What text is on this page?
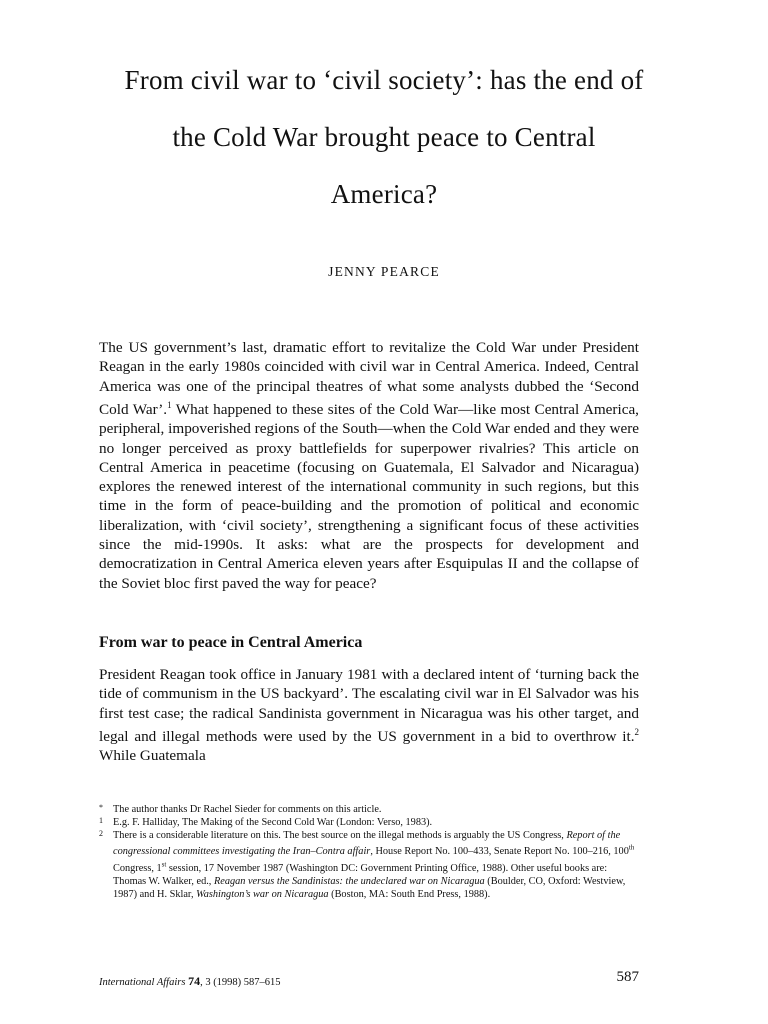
From civil war to ‘civil society’: has the end of
the Cold War brought peace to Central
America?
JENNY PEARCE

The US government’s last, dramatic effort to revitalize the Cold War under President Reagan in the early 1980s coincided with civil war in Central America. Indeed, Central America was one of the principal theatres of what some analysts dubbed the ‘Second Cold War’.$^1$ What happened to these sites of the Cold War—like most Central America, peripheral, impoverished regions of the South—when the Cold War ended and they were no longer perceived as proxy battlefields for superpower rivalries? This article on Central America in peacetime (focusing on Guatemala, El Salvador and Nicaragua) explores the renewed interest of the international community in such regions, but this time in the form of peace-building and the promotion of political and economic liberalization, with ‘civil society’, strengthening a significant focus of these activities since the mid-1990s. It asks: what are the prospects for development and democratization in Central America eleven years after Esquipulas II and the collapse of the Soviet bloc first paved the way for peace?

From war to peace in Central America

President Reagan took office in January 1981 with a declared intent of ‘turning back the tide of communism in the US backyard’. The escalating civil war in El Salvador was his first test case; the radical Sandinista government in Nicaragua was his other target, and legal and illegal methods were used by the US government in a bid to overthrow it.$^2$ While Guatemala

* The author thanks Dr Rachel Sieder for comments on this article.
1 E.g. F. Halliday, The Making of the Second Cold War (London: Verso, 1983).
2 There is a considerable literature on this. The best source on the illegal methods is arguably the US Congress, Report of the congressional committees investigating the Iran–Contra affair, House Report No. 100–433, Senate Report No. 100–216, 100th Congress, 1st session, 17 November 1987 (Washington DC: Government Printing Office, 1988). Other useful books are: Thomas W. Walker, ed., Reagan versus the Sandinistas: the undeclared war on Nicaragua (Boulder, CO, Oxford: Westview, 1987) and H. Sklar, Washington’s war on Nicaragua (Boston, MA: South End Press, 1988).
International Affairs 74, 3 (1998) 587–615	587
